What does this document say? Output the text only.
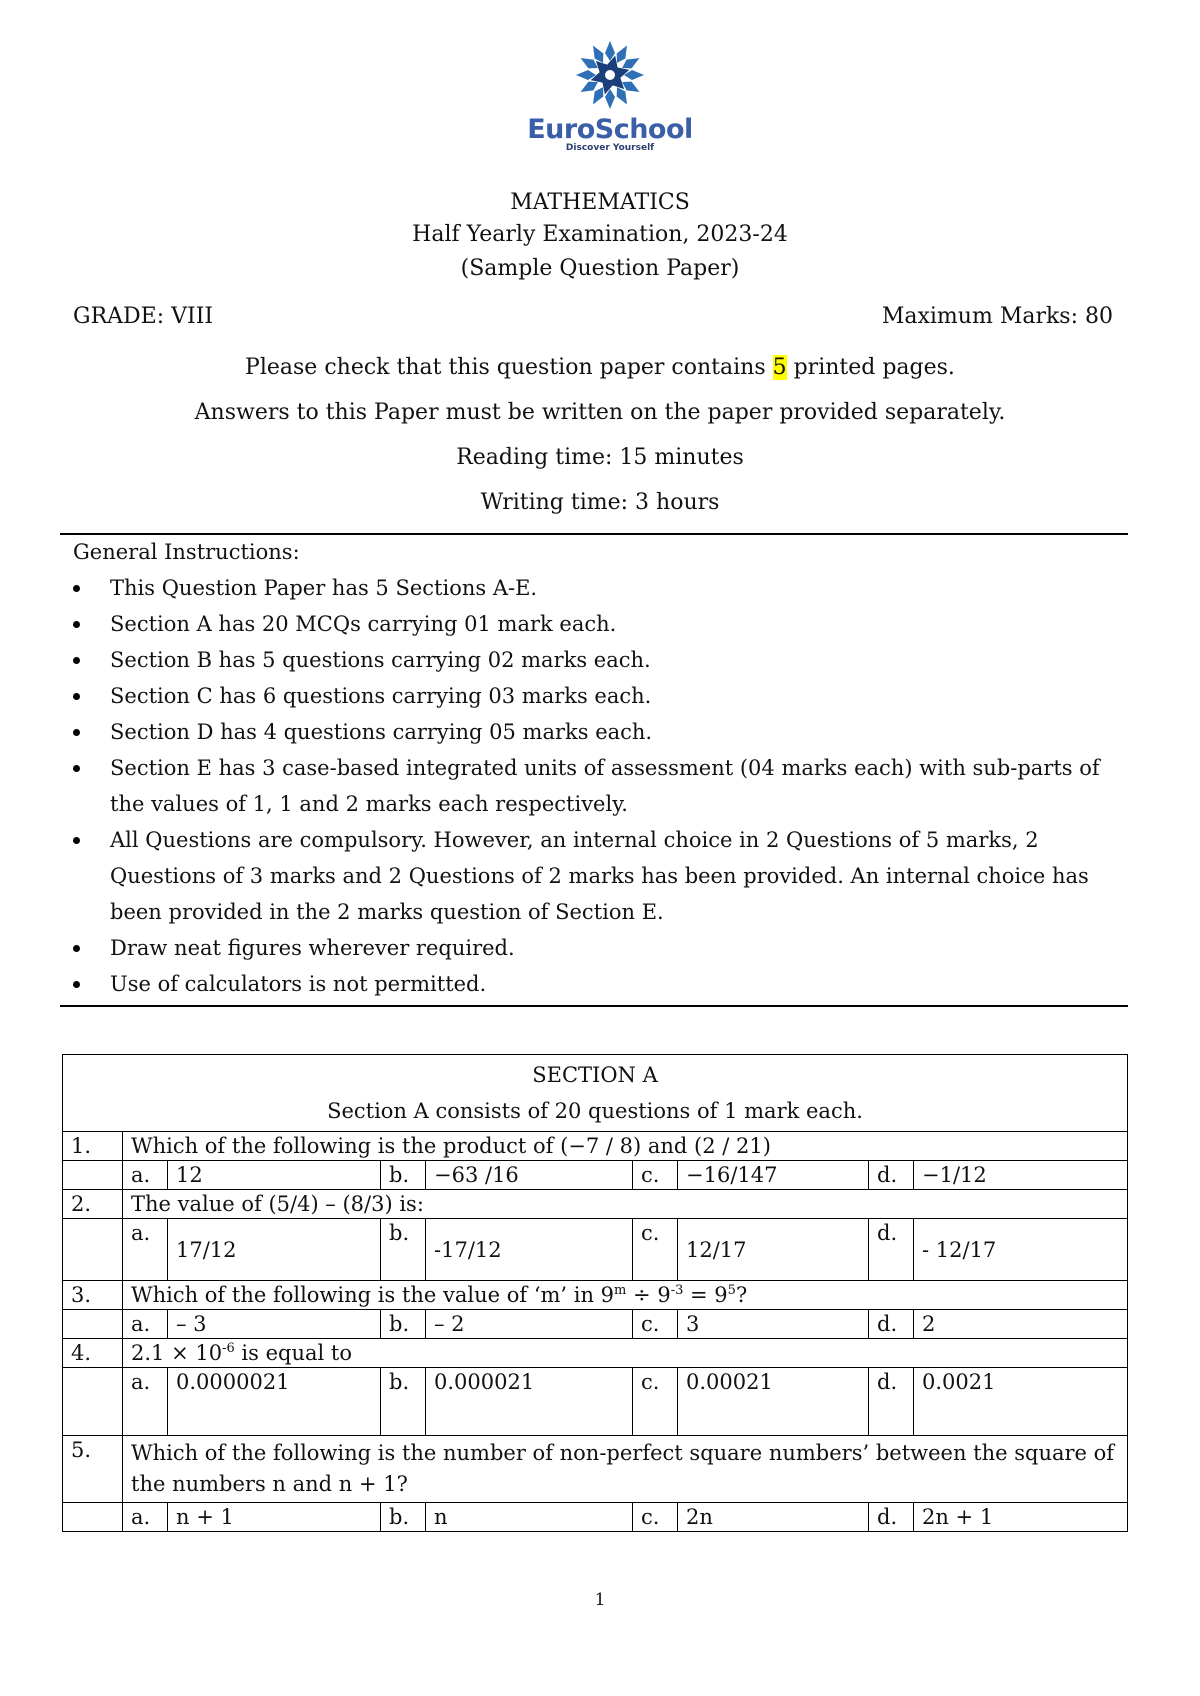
EuroSchool
Discover Yourself
MATHEMATICS
Half Yearly Examination, 2023-24
(Sample Question Paper)
GRADE: VIII	Maximum Marks: 80
Please check that this question paper contains 5 printed pages.
Answers to this Paper must be written on the paper provided separately.
Reading time: 15 minutes
Writing time: 3 hours
General Instructions:
This Question Paper has 5 Sections A-E.
Section A has 20 MCQs carrying 01 mark each.
Section B has 5 questions carrying 02 marks each.
Section C has 6 questions carrying 03 marks each.
Section D has 4 questions carrying 05 marks each.
Section E has 3 case-based integrated units of assessment (04 marks each) with sub-parts of the values of 1, 1 and 2 marks each respectively.
All Questions are compulsory. However, an internal choice in 2 Questions of 5 marks, 2 Questions of 3 marks and 2 Questions of 2 marks has been provided. An internal choice has been provided in the 2 marks question of Section E.
Draw neat figures wherever required.
Use of calculators is not permitted.
SECTION A
Section A consists of 20 questions of 1 mark each.								

1.	Which of the following is the product of (−7 / 8) and (2 / 21)							
	a.	12	b.	−63 /16	c.	−16/147	d.	−1/12
2.	The value of (5/4) – (8/3) is:							
	a.	17/12	b.	-17/12	c.	12/17	d.	- 12/17
3.	Which of the following is the value of ‘m’ in $9^m \div 9^{-3} = 9^5$?							
	a.	– 3	b.	– 2	c.	3	d.	2
4.	$2.1 \times 10^{-6}$ is equal to							
	a.	0.0000021	b.	0.000021	c.	0.00021	d.	0.0021
5.	Which of the following is the number of non-perfect square numbers’ between the square of the numbers n and n + 1?							
	a.	n + 1	b.	n	c.	2n	d.	2n + 1
1
